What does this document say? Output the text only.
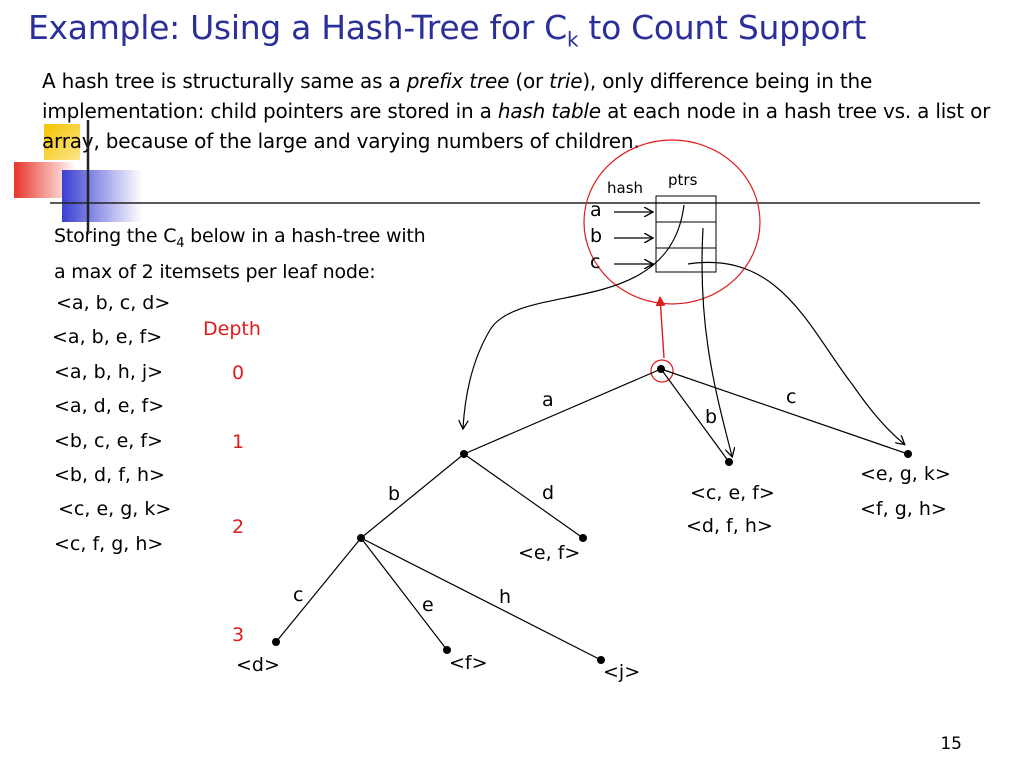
Example: Using a Hash-Tree for $C_k$ to Count Support

A hash tree is structurally same as a prefix tree (or trie), only difference being in the implementation: child pointers are stored in a hash table at each node in a hash tree vs. a list or array, because of the large and varying numbers of children.

Storing the $C_4$ below in a hash-tree with
a max of 2 itemsets per leaf node:

<a, b, c, d>
<a, b, e, f>
<a, b, h, j>
<a, d, e, f>
<b, c, e, f>
<b, d, f, h>
<c, e, g, k>
<c, f, g, h>
Depth
0
1
2
3
hash ptrs
a
b
c
a
b
c
b	d
c	e	h
<c, e, f>
<d, f, h>
<e, g, k>
<f, g, h>
<e, f>
<d>	<f>	<j>
15
